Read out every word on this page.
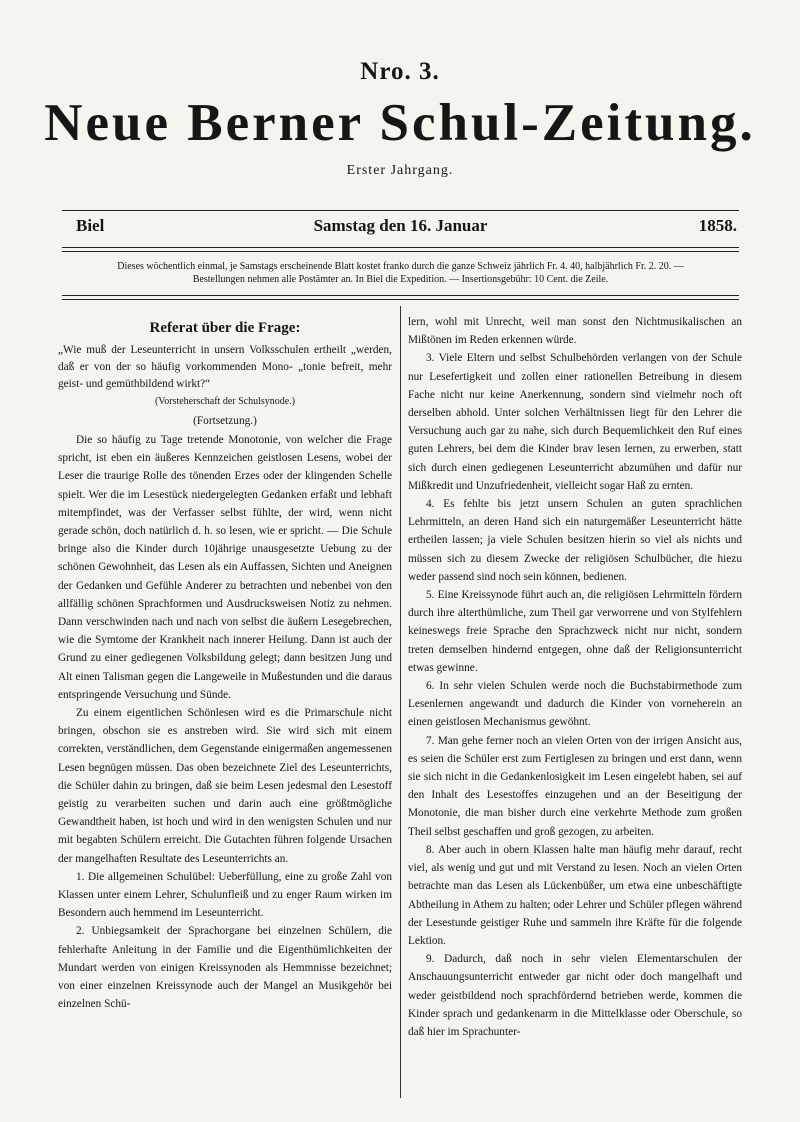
Nro. 3.
Neue Berner Schul-Zeitung.
Erster Jahrgang.
Biel	Samstag den 16. Januar	1858.
Dieses wöchentlich einmal, je Samstags erscheinende Blatt kostet franko durch die ganze Schweiz jährlich Fr. 4. 40, halbjährlich Fr. 2. 20. —
Bestellungen nehmen alle Postämter an. In Biel die Expedition. — Insertionsgebühr: 10 Cent. die Zeile.
Referat über die Frage:

„Wie muß der Leseunterricht in unsern Volksschulen ertheilt „werden, daß er von der so häufig vorkommenden Mono- „tonie befreit, mehr geist- und gemüthbildend wirkt?“

(Vorsteherschaft der Schulsynode.)
(Fortsetzung.)

Die so häufig zu Tage tretende Monotonie, von welcher die Frage spricht, ist eben ein äußeres Kennzeichen geistlosen Lesens, wobei der Leser die traurige Rolle des tönenden Erzes oder der klingenden Schelle spielt. Wer die im Lesestück niedergelegten Gedanken erfaßt und lebhaft mitempfindet, was der Verfasser selbst fühlte, der wird, wenn nicht gerade schön, doch natürlich d. h. so lesen, wie er spricht. — Die Schule bringe also die Kinder durch 10jährige unausgesetzte Uebung zu der schönen Gewohnheit, das Lesen als ein Auffassen, Sichten und Aneignen der Gedanken und Gefühle Anderer zu betrachten und nebenbei von den allfällig schönen Sprachformen und Ausdrucksweisen Notiz zu nehmen. Dann verschwinden nach und nach von selbst die äußern Lesegebrechen, wie die Symtome der Krankheit nach innerer Heilung. Dann ist auch der Grund zu einer gediegenen Volksbildung gelegt; dann besitzen Jung und Alt einen Talisman gegen die Langeweile in Mußestunden und die daraus entspringende Versuchung und Sünde.

Zu einem eigentlichen Schönlesen wird es die Primarschule nicht bringen, obschon sie es anstreben wird. Sie wird sich mit einem correkten, verständlichen, dem Gegenstande einigermaßen angemessenen Lesen begnügen müssen. Das oben bezeichnete Ziel des Leseunterrichts, die Schüler dahin zu bringen, daß sie beim Lesen jedesmal den Lesestoff geistig zu verarbeiten suchen und darin auch eine größtmögliche Gewandtheit haben, ist hoch und wird in den wenigsten Schulen und nur mit begabten Schülern erreicht. Die Gutachten führen folgende Ursachen der mangelhaften Resultate des Leseunterrichts an.

1. Die allgemeinen Schulübel: Ueberfüllung, eine zu große Zahl von Klassen unter einem Lehrer, Schulunfleiß und zu enger Raum wirken im Besondern auch hemmend im Leseunterricht.

2. Unbiegsamkeit der Sprachorgane bei einzelnen Schülern, die fehlerhafte Anleitung in der Familie und die Eigenthümlichkeiten der Mundart werden von einigen Kreissynoden als Hemmnisse bezeichnet; von einer einzelnen Kreissynode auch der Mangel an Musikgehör bei einzelnen Schü-

lern, wohl mit Unrecht, weil man sonst den Nichtmusikalischen an Mißtönen im Reden erkennen würde.

3. Viele Eltern und selbst Schulbehörden verlangen von der Schule nur Lesefertigkeit und zollen einer rationellen Betreibung in diesem Fache nicht nur keine Anerkennung, sondern sind vielmehr noch oft derselben abhold. Unter solchen Verhältnissen liegt für den Lehrer die Versuchung auch gar zu nahe, sich durch Bequemlichkeit den Ruf eines guten Lehrers, bei dem die Kinder brav lesen lernen, zu erwerben, statt sich durch einen gediegenen Leseunterricht abzumühen und dafür nur Mißkredit und Unzufriedenheit, vielleicht sogar Haß zu ernten.

4. Es fehlte bis jetzt unsern Schulen an guten sprachlichen Lehrmitteln, an deren Hand sich ein naturgemäßer Leseunterricht hätte ertheilen lassen; ja viele Schulen besitzen hierin so viel als nichts und müssen sich zu diesem Zwecke der religiösen Schulbücher, die hiezu weder passend sind noch sein können, bedienen.

5. Eine Kreissynode führt auch an, die religiösen Lehrmitteln fördern durch ihre alterthümliche, zum Theil gar verworrene und von Stylfehlern keineswegs freie Sprache den Sprachzweck nicht nur nicht, sondern treten demselben hindernd entgegen, ohne daß der Religionsunterricht etwas gewinne.

6. In sehr vielen Schulen werde noch die Buchstabirmethode zum Lesenlernen angewandt und dadurch die Kinder von vorneherein an einen geistlosen Mechanismus gewöhnt.

7. Man gehe ferner noch an vielen Orten von der irrigen Ansicht aus, es seien die Schüler erst zum Fertiglesen zu bringen und erst dann, wenn sie sich nicht in die Gedankenlosigkeit im Lesen eingelebt haben, sei auf den Inhalt des Lesestoffes einzugehen und an der Beseitigung der Monotonie, die man bisher durch eine verkehrte Methode zum großen Theil selbst geschaffen und groß gezogen, zu arbeiten.

8. Aber auch in obern Klassen halte man häufig mehr darauf, recht viel, als wenig und gut und mit Verstand zu lesen. Noch an vielen Orten betrachte man das Lesen als Lückenbüßer, um etwa eine unbeschäftigte Abtheilung in Athem zu halten; oder Lehrer und Schüler pflegen während der Lesestunde geistiger Ruhe und sammeln ihre Kräfte für die folgende Lektion.

9. Dadurch, daß noch in sehr vielen Elementarschulen der Anschauungsunterricht entweder gar nicht oder doch mangelhaft und weder geistbildend noch sprachfördernd betrieben werde, kommen die Kinder sprach und gedankenarm in die Mittelklasse oder Oberschule, so daß hier im Sprachunter-
